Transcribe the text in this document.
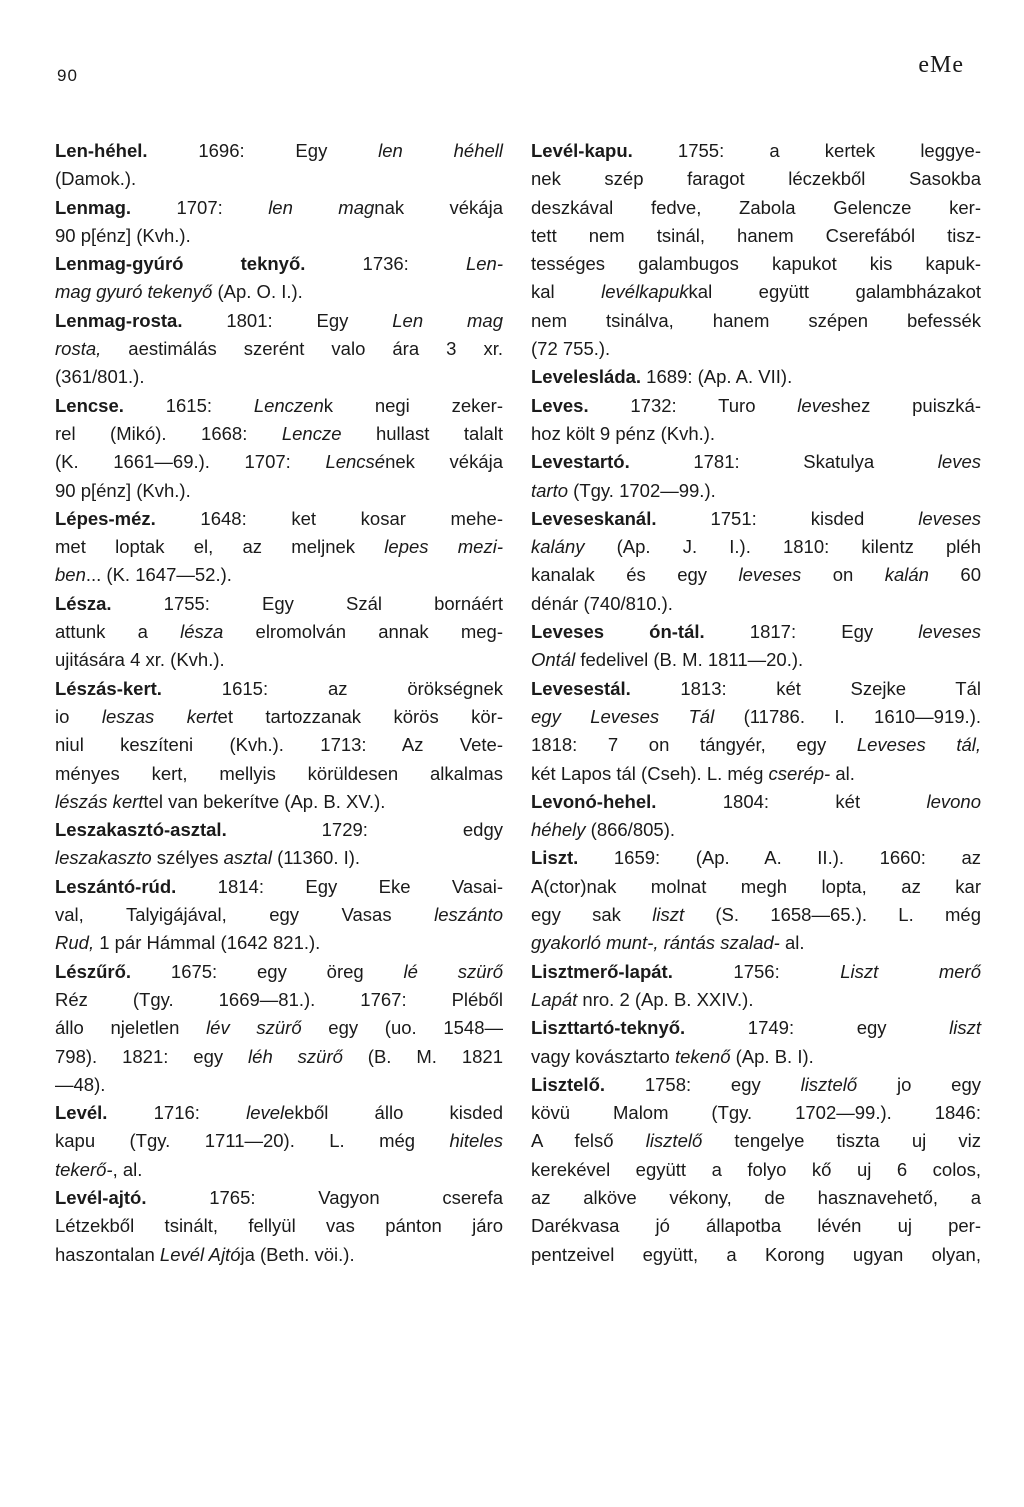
90	eMe
Len-héhel. 1696: Egy len héhell
(Damok.).
Lenmag. 1707: len magnak vékája
90 p[énz] (Kvh.).
Lenmag-gyúró teknyő. 1736: Len-
mag gyuró tekenyő (Ap. O. I.).
Lenmag-rosta. 1801: Egy Len mag
rosta, aestimálás szerént valo ára 3 xr.
(361/801.).
Lencse. 1615: Lenczenk negi zeker-
rel (Mikó). 1668: Lencze hullast talalt
(K. 1661—69.). 1707: Lencsének vékája
90 p[énz] (Kvh.).
Lépes-méz. 1648: ket kosar mehe-
met loptak el, az meljnek lepes mezi-
ben... (K. 1647—52.).
Lésza. 1755: Egy Szál bornáért
attunk a lésza elromolván annak meg-
ujitására 4 xr. (Kvh.).
Lészás-kert. 1615: az örökségnek
io leszas kertet tartozzanak körös kör-
niul keszíteni (Kvh.). 1713: Az Vete-
ményes kert, mellyis körüldesen alkalmas
lészás kerttel van bekerítve (Ap. B. XV.).
Leszakasztó-asztal. 1729: edgy
leszakaszto szélyes asztal (11360. I).
Leszántó-rúd. 1814: Egy Eke Vasai-
val, Talyigájával, egy Vasas leszánto
Rud, 1 pár Hámmal (1642 821.).
Lészűrő. 1675: egy öreg lé szürő
Réz (Tgy. 1669—81.). 1767: Pléből
állo njeletlen lév szürő egy (uo. 1548—
798). 1821: egy léh szürő (B. M. 1821
—48).
Levél. 1716: levelekből állo kisded
kapu (Tgy. 1711—20). L. még hiteles
tekerő-, al.
Levél-ajtó. 1765: Vagyon cserefa
Létzekből tsinált, fellyül vas pánton járo
haszontalan Levél Ajtója (Beth. vöi.).
Levél-kapu. 1755: a kertek leggye-
nek szép faragot léczekből Sasokba
deszkával fedve, Zabola Gelencze ker-
tett nem tsinál, hanem Cserefából tisz-
tességes galambugos kapukot kis kapuk-
kal levélkapukkal együtt galambházakot
nem tsinálva, hanem szépen befessék
(72 755.).
Levelesláda. 1689: (Ap. A. VII).
Leves. 1732: Turo leveshez puiszká-
hoz költ 9 pénz (Kvh.).
Levestartó. 1781: Skatulya leves
tarto (Tgy. 1702—99.).
Leveseskanál. 1751: kisded leveses
kalány (Ap. J. I.). 1810: kilentz pléh
kanalak és egy leveses on kalán 60
dénár (740/810.).
Leveses ón-tál. 1817: Egy leveses
Ontál fedelivel (B. M. 1811—20.).
Levesestál. 1813: két Szejke Tál
egy Leveses Tál (11786. I. 1610—919.).
1818: 7 on tángyér, egy Leveses tál,
két Lapos tál (Cseh). L. még cserép- al.
Levonó-hehel. 1804: két levono
héhely (866/805).
Liszt. 1659: (Ap. A. II.). 1660: az
A(ctor)nak molnat megh lopta, az kar
egy sak liszt (S. 1658—65.). L. még
gyakorló munt-, rántás szalad- al.
Lisztmerő-lapát. 1756: Liszt merő
Lapát nro. 2 (Ap. B. XXIV.).
Liszttartó-teknyő. 1749: egy liszt
vagy kovásztarto tekenő (Ap. B. I).
Lisztelő. 1758: egy lisztelő jo egy
kövü Malom (Tgy. 1702—99.). 1846:
A felső lisztelő tengelye tiszta uj viz
kerekével együtt a folyo kő uj 6 colos,
az alköve vékony, de hasznavehető, a
Darékvasa jó állapotba lévén uj per-
pentzeivel együtt, a Korong ugyan olyan,
